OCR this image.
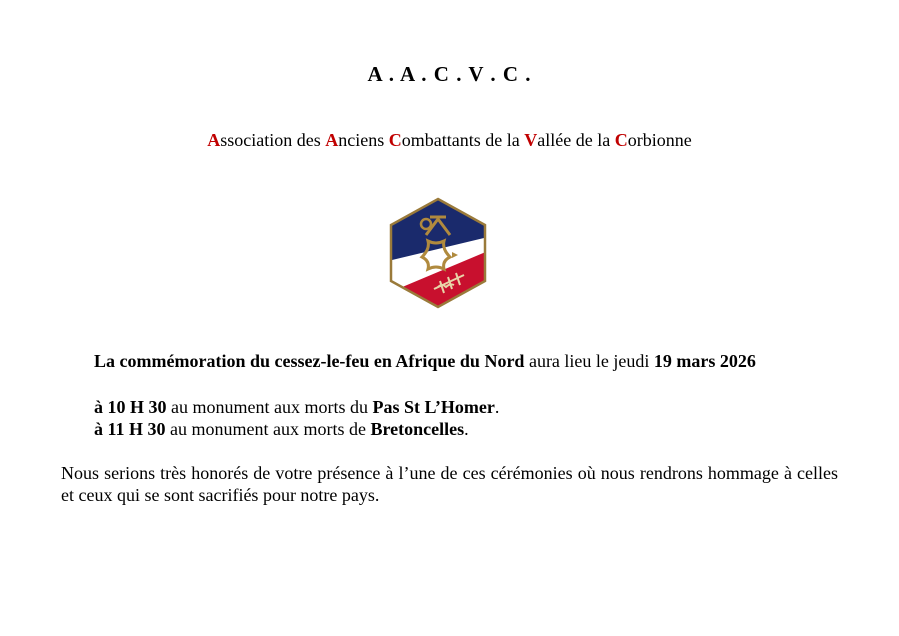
A . A . C . V . C .
Association des Anciens Combattants de la Vallée de la Corbionne
La commémoration du cessez-le-feu en Afrique du Nord aura lieu le jeudi 19 mars 2026
à 10 H 30 au monument aux morts du Pas St L’Homer.
à 11 H 30 au monument aux morts de Bretoncelles.
Nous serions très honorés de votre présence à l’une de ces cérémonies où nous rendrons hommage à celles et ceux qui se sont sacrifiés pour notre pays.
